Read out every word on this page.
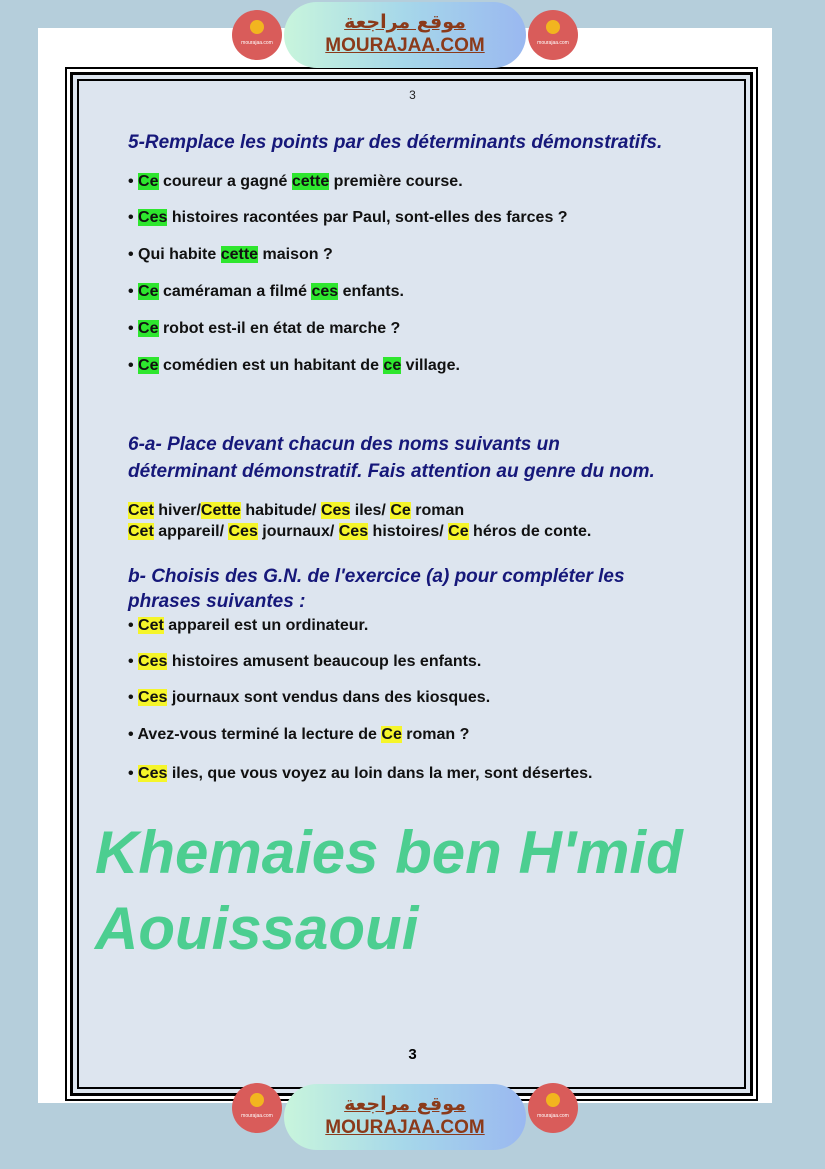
mourajaa.com
موقع مراجعة
MOURAJAA.COM	mourajaa.com
3
5-Remplace les points par des déterminants démonstratifs.
• Ce coureur a gagné cette première course.
• Ces histoires racontées par Paul, sont-elles des farces ?
• Qui habite cette maison ?
• Ce caméraman a filmé ces enfants.
• Ce robot est-il en état de marche ?
• Ce comédien est un habitant de ce village.
6-a- Place devant chacun des noms suivants un
déterminant démonstratif. Fais attention au genre du nom.
Cet hiver/Cette habitude/ Ces iles/ Ce roman
Cet appareil/ Ces journaux/ Ces histoires/ Ce héros de conte.
b- Choisis des G.N. de l'exercice (a) pour compléter les
phrases suivantes :
• Cet appareil est un ordinateur.
• Ces histoires amusent beaucoup les enfants.
• Ces journaux sont vendus dans des kiosques.
• Avez-vous terminé la lecture de Ce roman ?
• Ces iles, que vous voyez au loin dans la mer, sont désertes.
Khemaies ben H'mid Aouissaoui
3
mourajaa.com
موقع مراجعة
MOURAJAA.COM
mourajaa.com
